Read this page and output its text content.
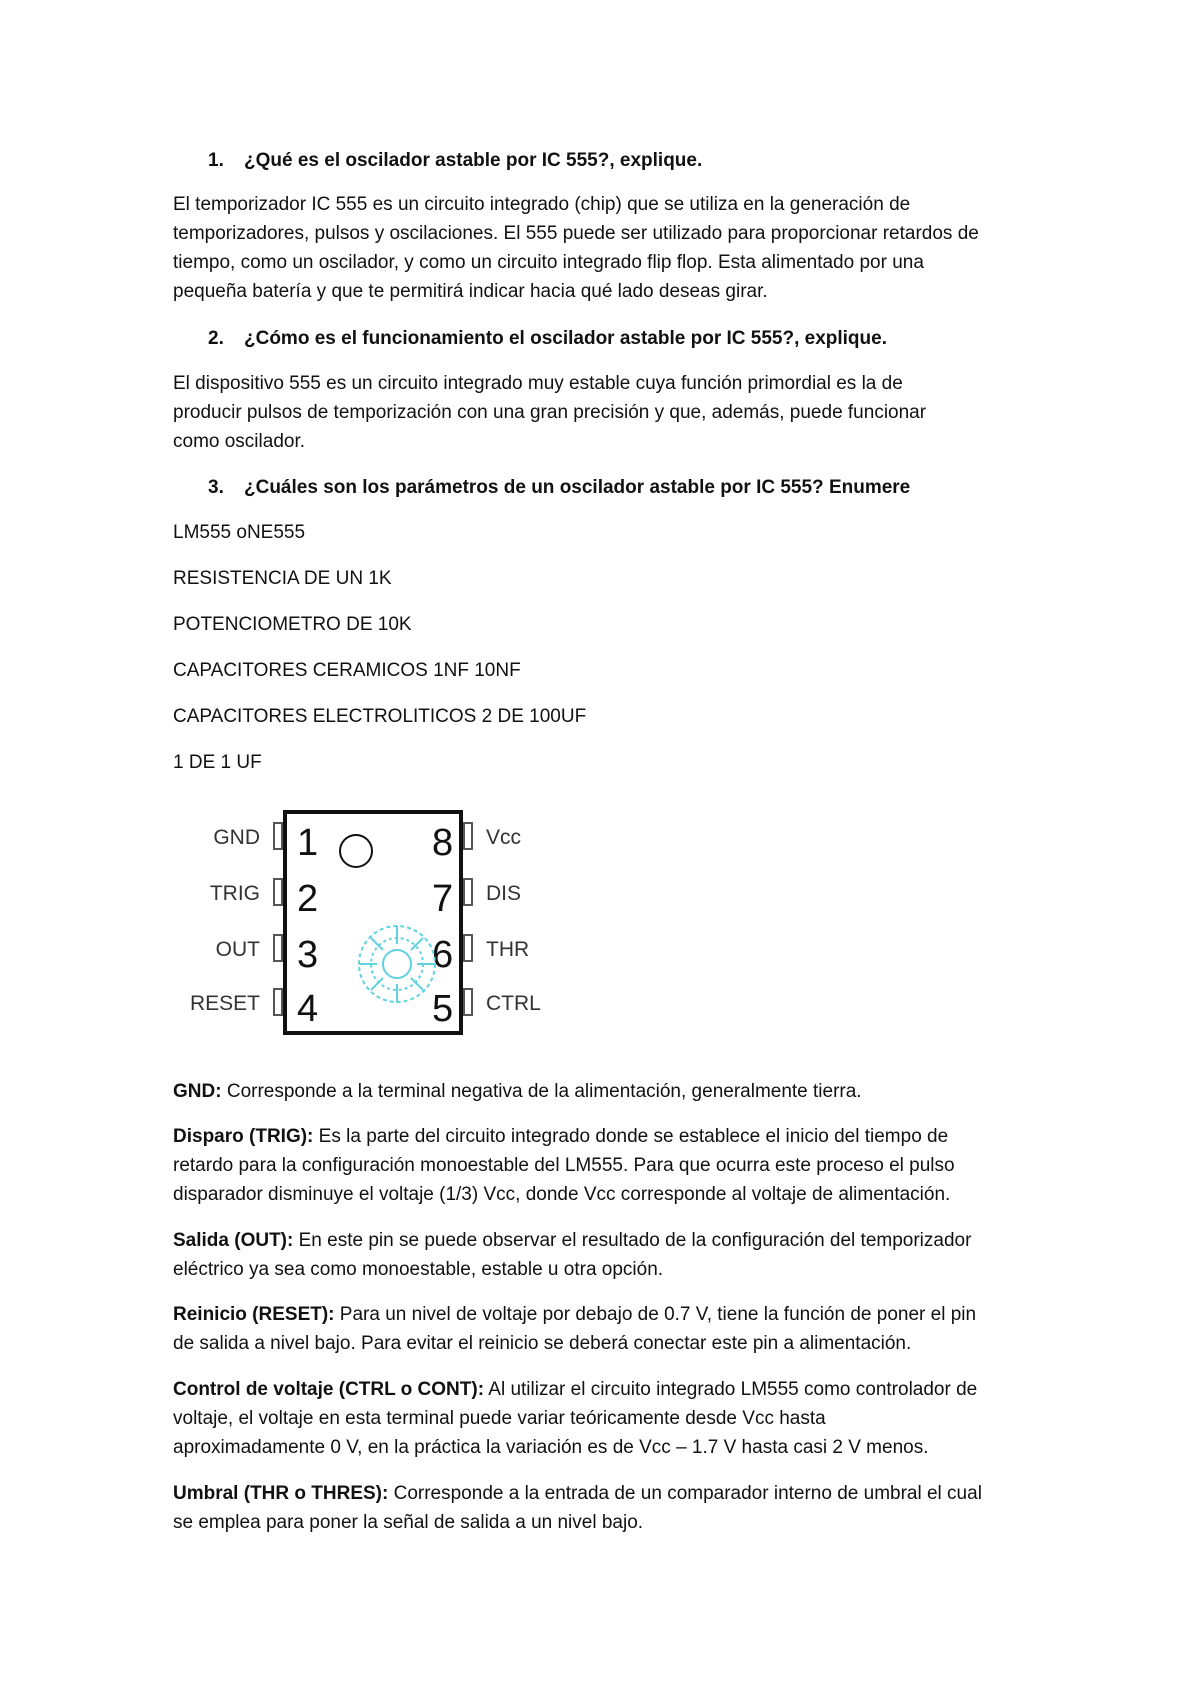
1. ¿Qué es el oscilador astable por IC 555?, explique.

El temporizador IC 555 es un circuito integrado (chip) que se utiliza en la generación de

temporizadores, pulsos y oscilaciones. El 555 puede ser utilizado para proporcionar retardos de

tiempo, como un oscilador, y como un circuito integrado flip flop. Esta alimentado por una

pequeña batería y que te permitirá indicar hacia qué lado deseas girar.

2. ¿Cómo es el funcionamiento el oscilador astable por IC 555?, explique.

El dispositivo 555 es un circuito integrado muy estable cuya función primordial es la de

producir pulsos de temporización con una gran precisión y que, además, puede funcionar

como oscilador.

3. ¿Cuáles son los parámetros de un oscilador astable por IC 555? Enumere

LM555 oNE555

RESISTENCIA DE UN 1K

POTENCIOMETRO DE 10K

CAPACITORES CERAMICOS 1NF 10NF

CAPACITORES ELECTROLITICOS 2 DE 100UF

1 DE 1 UF

1
2
3
4
8
7
6
5
GND
TRIG
OUT
RESET
Vcc
DIS
THR
CTRL

GND: Corresponde a la terminal negativa de la alimentación, generalmente tierra.

Disparo (TRIG): Es la parte del circuito integrado donde se establece el inicio del tiempo de

retardo para la configuración monoestable del LM555. Para que ocurra este proceso el pulso

disparador disminuye el voltaje (1/3) Vcc, donde Vcc corresponde al voltaje de alimentación.

Salida (OUT): En este pin se puede observar el resultado de la configuración del temporizador

eléctrico ya sea como monoestable, estable u otra opción.

Reinicio (RESET): Para un nivel de voltaje por debajo de 0.7 V, tiene la función de poner el pin

de salida a nivel bajo. Para evitar el reinicio se deberá conectar este pin a alimentación.

Control de voltaje (CTRL o CONT): Al utilizar el circuito integrado LM555 como controlador de

voltaje, el voltaje en esta terminal puede variar teóricamente desde Vcc hasta

aproximadamente 0 V, en la práctica la variación es de Vcc – 1.7 V hasta casi 2 V menos.

Umbral (THR o THRES): Corresponde a la entrada de un comparador interno de umbral el cual

se emplea para poner la señal de salida a un nivel bajo.
